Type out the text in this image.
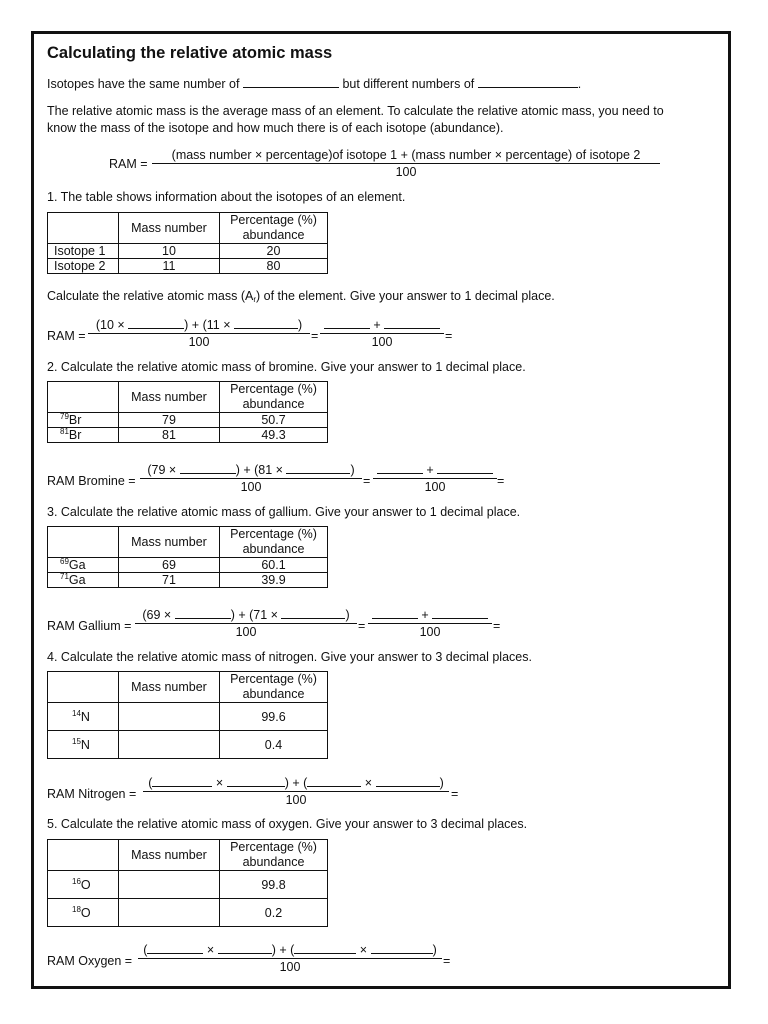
Calculating the relative atomic mass
Isotopes have the same number of	but different numbers of	.
The relative atomic mass is the average mass of an element. To calculate the relative atomic mass, you need to
know the mass of the isotope and how much there is of each isotope (abundance).
RAM =
(mass number × percentage)of isotope 1 + (mass number × percentage) of isotope 2
100
1. The table shows information about the isotopes of an element.
	Mass number	Percentage (%)
abundance
Isotope 1	10	20
Isotope 2	11	80
Calculate the relative atomic mass $(A_r)$ of the element. Give your answer to 1 decimal place.
RAM =
(10 ×	) + (11 ×	)
100	=
+
100	=
2. Calculate the relative atomic mass of bromine. Give your answer to 1 decimal place.
	Mass number	Percentage (%)
abundance
$^{79}$Br	79	50.7
$^{81}$Br	81	49.3
RAM Bromine =
(79 ×	) + (81 ×	)
100	=
+
100	=
3. Calculate the relative atomic mass of gallium. Give your answer to 1 decimal place.
	Mass number	Percentage (%)
abundance
$^{69}$Ga	69	60.1
$^{71}$Ga	71	39.9
RAM Gallium =
(69 ×	) + (71 ×	)
100	=
+
100	=
4. Calculate the relative atomic mass of nitrogen. Give your answer to 3 decimal places.
	Mass number	Percentage (%)
abundance
$^{14}$N		99.6
$^{15}$N		0.4
RAM Nitrogen =
(	×	) + (	×	)
100	=
5. Calculate the relative atomic mass of oxygen. Give your answer to 3 decimal places.
	Mass number	Percentage (%)
abundance
$^{16}$O		99.8
$^{18}$O		0.2
RAM Oxygen =
(	×	) + (	×	)
100	=
